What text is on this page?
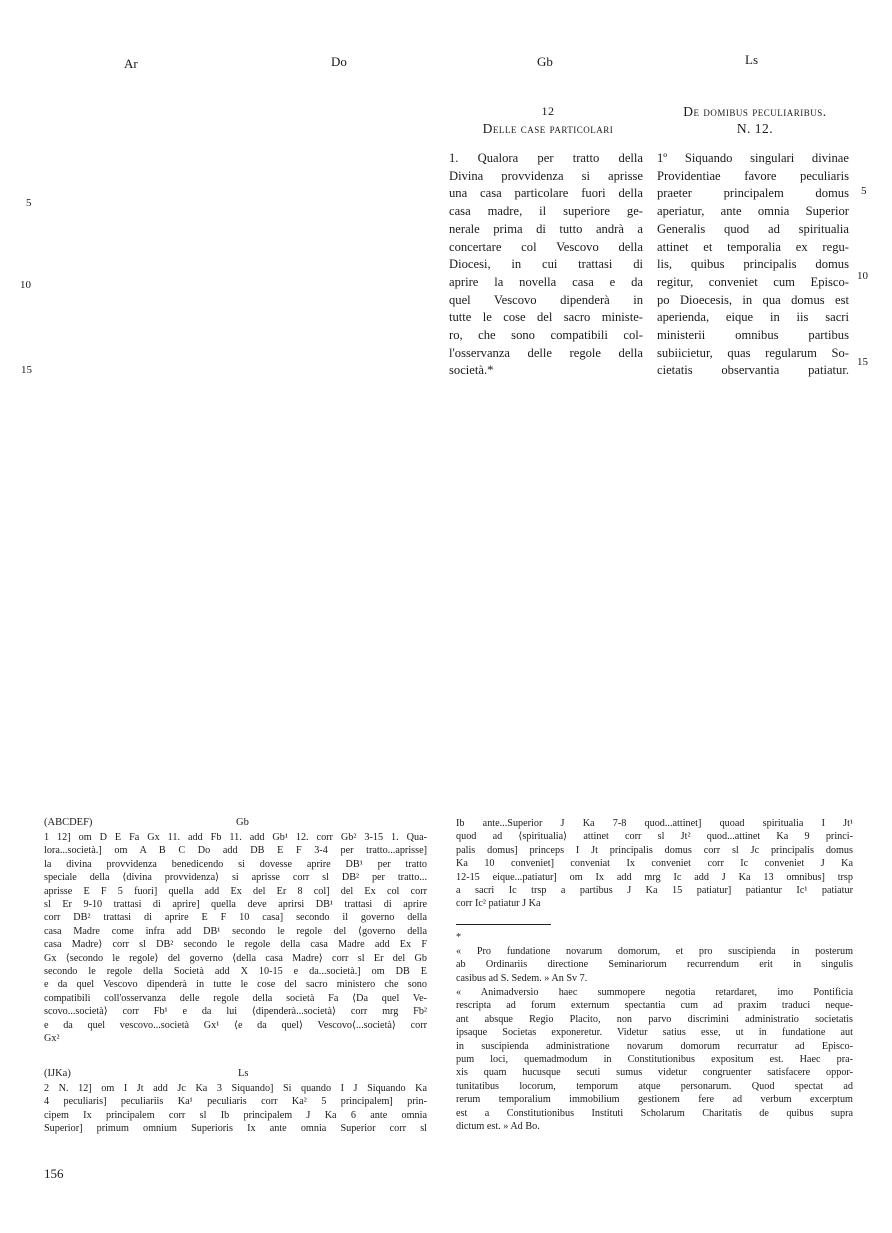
Ar	Do	Gb	Ls
5
10
15
5
10
15
12
Delle case particolari
1. Qualora per tratto della
Divina provvidenza si aprisse
una casa particolare fuori della
casa madre, il superiore ge-
nerale prima di tutto andrà a
concertare col Vescovo della
Diocesi, in cui trattasi di
aprire la novella casa e da
quel Vescovo dipenderà in
tutte le cose del sacro ministe-
ro, che sono compatibili col-
l'osservanza delle regole della
società.*
De domibus peculiaribus.
N. 12.
1º Siquando singulari divinae
Providentiae favore peculiaris
praeter principalem domus
aperiatur, ante omnia Superior
Generalis quod ad spiritualia
attinet et temporalia ex regu-
lis, quibus principalis domus
regitur, conveniet cum Episco-
po Dioecesis, in qua domus est
aperienda, eique in iis sacri
ministerii omnibus partibus
subiicietur, quas regularum So-
cietatis observantia patiatur.
(ABCDEF)	Gb
1 12] om D E Fa Gx 11. add Fb 11. add Gb¹ 12. corr Gb² 3-15 1. Qua-
lora...società.] om A B C Do add DB E F 3-4 per tratto...aprisse]
la divina provvidenza benedicendo si dovesse aprire DB¹ per tratto
speciale della ⟨divina provvidenza⟩ si aprisse corr sl DB² per tratto...
aprisse E F 5 fuori] quella add Ex del Er 8 col] del Ex col corr
sl Er 9-10 trattasi di aprire] quella deve aprirsi DB¹ trattasi di aprire
corr DB² trattasi di aprire E F 10 casa] secondo il governo della
casa Madre come infra add DB¹ secondo le regole del ⟨governo della
casa Madre⟩ corr sl DB² secondo le regole della casa Madre add Ex F
Gx ⟨secondo le regole⟩ del governo ⟨della casa Madre⟩ corr sl Er del Gb
secondo le regole della Società add X 10-15 e da...società.] om DB E
e da quel Vescovo dipenderà in tutte le cose del sacro ministero che sono
compatibili coll'osservanza delle regole della società Fa ⟨Da quel Ve-
scovo...società⟩ corr Fb¹ e da lui ⟨dipenderà...società⟩ corr mrg Fb²
e da quel vescovo...società Gx¹ ⟨e da quel⟩ Vescovo⟨...società⟩ corr
Gx²
(IJKa)	Ls
2 N. 12] om I Jt add Jc Ka 3 Siquando] Si quando I J Siquando Ka
4 peculiaris] peculiariis Ka¹ peculiaris corr Ka² 5 principalem] prin-
cipem Ix principalem corr sl Ib principalem J Ka 6 ante omnia
Superior] primum omnium Superioris Ix ante omnia Superior corr sl
Ib ante...Superior J Ka 7-8 quod...attinet] quoad spiritualia I Jt¹
quod ad ⟨spiritualia⟩ attinet corr sl Jt² quod...attinet Ka 9 princi-
palis domus] princeps I Jt principalis domus corr sl Jc principalis domus
Ka 10 conveniet] conveniat Ix conveniet corr Ic conveniet J Ka
12-15 eique...patiatur] om Ix add mrg Ic add J Ka 13 omnibus] trsp
a sacri Ic trsp a partibus J Ka 15 patiatur] patiantur Ic¹ patiatur
corr Ic² patiatur J Ka
*
« Pro fundatione novarum domorum, et pro suscipienda in posterum
ab Ordinariis directione Seminariorum recurrendum erit in singulis
casibus ad S. Sedem. » An Sv 7.
« Animadversio haec summopere negotia retardaret, imo Pontificia
rescripta ad forum externum spectantia cum ad praxim traduci neque-
ant absque Regio Placito, non parvo discrimini administratio societatis
ipsaque Societas exponeretur. Videtur satius esse, ut in fundatione aut
in suscipienda administratione novarum domorum recurratur ad Episco-
pum loci, quemadmodum in Constitutionibus expositum est. Haec pra-
xis quam hucusque secuti sumus videtur congruenter satisfacere oppor-
tunitatibus locorum, temporum atque personarum. Quod spectat ad
rerum temporalium immobilium gestionem fere ad verbum excerptum
est a Constitutionibus Instituti Scholarum Charitatis de quibus supra
dictum est. » Ad Bo.
156
